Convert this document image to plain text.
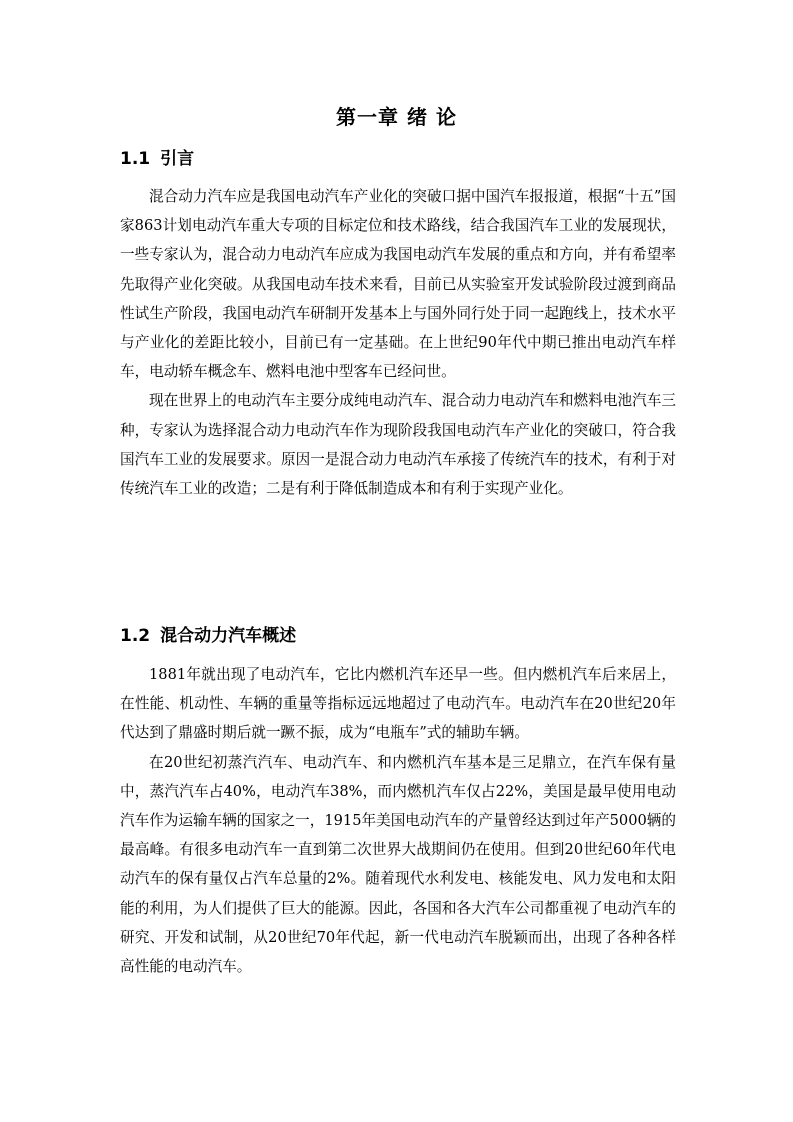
第一章 绪 论
1.1 引言

混合动力汽车应是我国电动汽车产业化的突破口据中国汽车报报道，根据“十五”国家863计划电动汽车重大专项的目标定位和技术路线，结合我国汽车工业的发展现状，一些专家认为，混合动力电动汽车应成为我国电动汽车发展的重点和方向，并有希望率先取得产业化突破。从我国电动车技术来看，目前已从实验室开发试验阶段过渡到商品性试生产阶段，我国电动汽车研制开发基本上与国外同行处于同一起跑线上，技术水平与产业化的差距比较小，目前已有一定基础。在上世纪90年代中期已推出电动汽车样车，电动轿车概念车、燃料电池中型客车已经问世。

现在世界上的电动汽车主要分成纯电动汽车、混合动力电动汽车和燃料电池汽车三种，专家认为选择混合动力电动汽车作为现阶段我国电动汽车产业化的突破口，符合我国汽车工业的发展要求。原因一是混合动力电动汽车承接了传统汽车的技术，有利于对传统汽车工业的改造；二是有利于降低制造成本和有利于实现产业化。

1.2 混合动力汽车概述

1881年就出现了电动汽车，它比内燃机汽车还早一些。但内燃机汽车后来居上，在性能、机动性、车辆的重量等指标远远地超过了电动汽车。电动汽车在20世纪20年代达到了鼎盛时期后就一蹶不振，成为“电瓶车”式的辅助车辆。

在20世纪初蒸汽汽车、电动汽车、和内燃机汽车基本是三足鼎立，在汽车保有量中，蒸汽汽车占40%，电动汽车38%，而内燃机汽车仅占22%，美国是最早使用电动汽车作为运输车辆的国家之一，1915年美国电动汽车的产量曾经达到过年产5000辆的最高峰。有很多电动汽车一直到第二次世界大战期间仍在使用。但到20世纪60年代电动汽车的保有量仅占汽车总量的2%。随着现代水利发电、核能发电、风力发电和太阳能的利用，为人们提供了巨大的能源。因此，各国和各大汽车公司都重视了电动汽车的研究、开发和试制，从20世纪70年代起，新一代电动汽车脱颖而出，出现了各种各样高性能的电动汽车。
